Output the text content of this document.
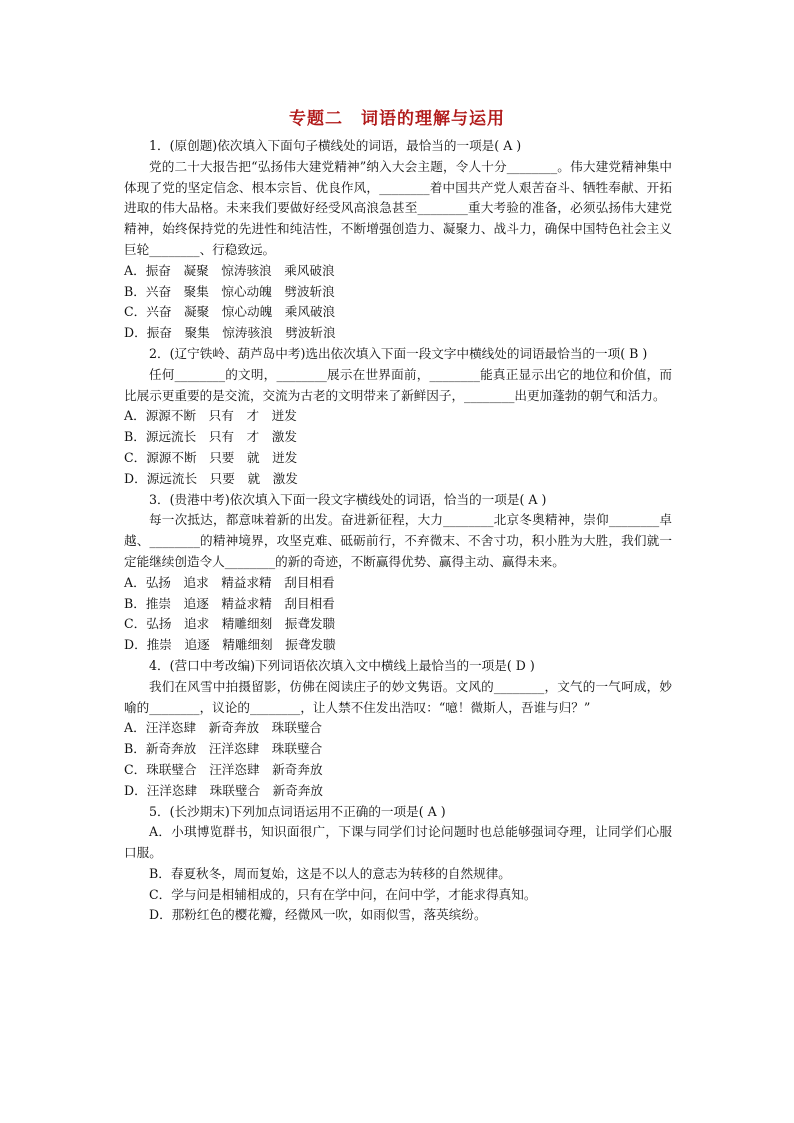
专题二　词语的理解与运用

1．(原创题)依次填入下面句子横线处的词语，最恰当的一项是( A )

党的二十大报告把“弘扬伟大建党精神”纳入大会主题，令人十分________。伟大建党精神集中体现了党的坚定信念、根本宗旨、优良作风，________着中国共产党人艰苦奋斗、牺牲奉献、开拓进取的伟大品格。未来我们要做好经受风高浪急甚至________重大考验的准备，必须弘扬伟大建党精神，始终保持党的先进性和纯洁性，不断增强创造力、凝聚力、战斗力，确保中国特色社会主义巨轮________、行稳致远。

A．振奋　凝聚　惊涛骇浪　乘风破浪

B．兴奋　聚集　惊心动魄　劈波斩浪

C．兴奋　凝聚　惊心动魄　乘风破浪

D．振奋　聚集　惊涛骇浪　劈波斩浪

2．(辽宁铁岭、葫芦岛中考)选出依次填入下面一段文字中横线处的词语最恰当的一项( B )

任何________的文明，________展示在世界面前，________能真正显示出它的地位和价值，而比展示更重要的是交流，交流为古老的文明带来了新鲜因子，________出更加蓬勃的朝气和活力。

A．源源不断　只有　才　迸发

B．源远流长　只有　才　激发

C．源源不断　只要　就　迸发

D．源远流长　只要　就　激发

3．(贵港中考)依次填入下面一段文字横线处的词语，恰当的一项是( A )

每一次抵达，都意味着新的出发。奋进新征程，大力________北京冬奥精神，崇仰________卓越、________的精神境界，攻坚克难、砥砺前行，不弃微末、不舍寸功，积小胜为大胜，我们就一定能继续创造令人________的新的奇迹，不断赢得优势、赢得主动、赢得未来。

A．弘扬　追求　精益求精　刮目相看

B．推崇　追逐　精益求精　刮目相看

C．弘扬　追求　精雕细刻　振聋发聩

D．推崇　追逐　精雕细刻　振聋发聩

4．(营口中考改编)下列词语依次填入文中横线上最恰当的一项是( D )

我们在风雪中拍摄留影，仿佛在阅读庄子的妙文隽语。文风的________，文气的一气呵成，妙喻的________，议论的________，让人禁不住发出浩叹：“噫！微斯人，吾谁与归？”

A．汪洋恣肆　新奇奔放　珠联璧合

B．新奇奔放　汪洋恣肆　珠联璧合

C．珠联璧合　汪洋恣肆　新奇奔放

D．汪洋恣肆　珠联璧合　新奇奔放

5．(长沙期末)下列加点词语运用不正确的一项是( A )

A．小琪博览群书，知识面很广，下课与同学们讨论问题时也总能够强词夺理，让同学们心服口服。

B．春夏秋冬，周而复始，这是不以人的意志为转移的自然规律。

C．学与问是相辅相成的，只有在学中问，在问中学，才能求得真知。

D．那粉红色的樱花瓣，经微风一吹，如雨似雪，落英缤纷。
